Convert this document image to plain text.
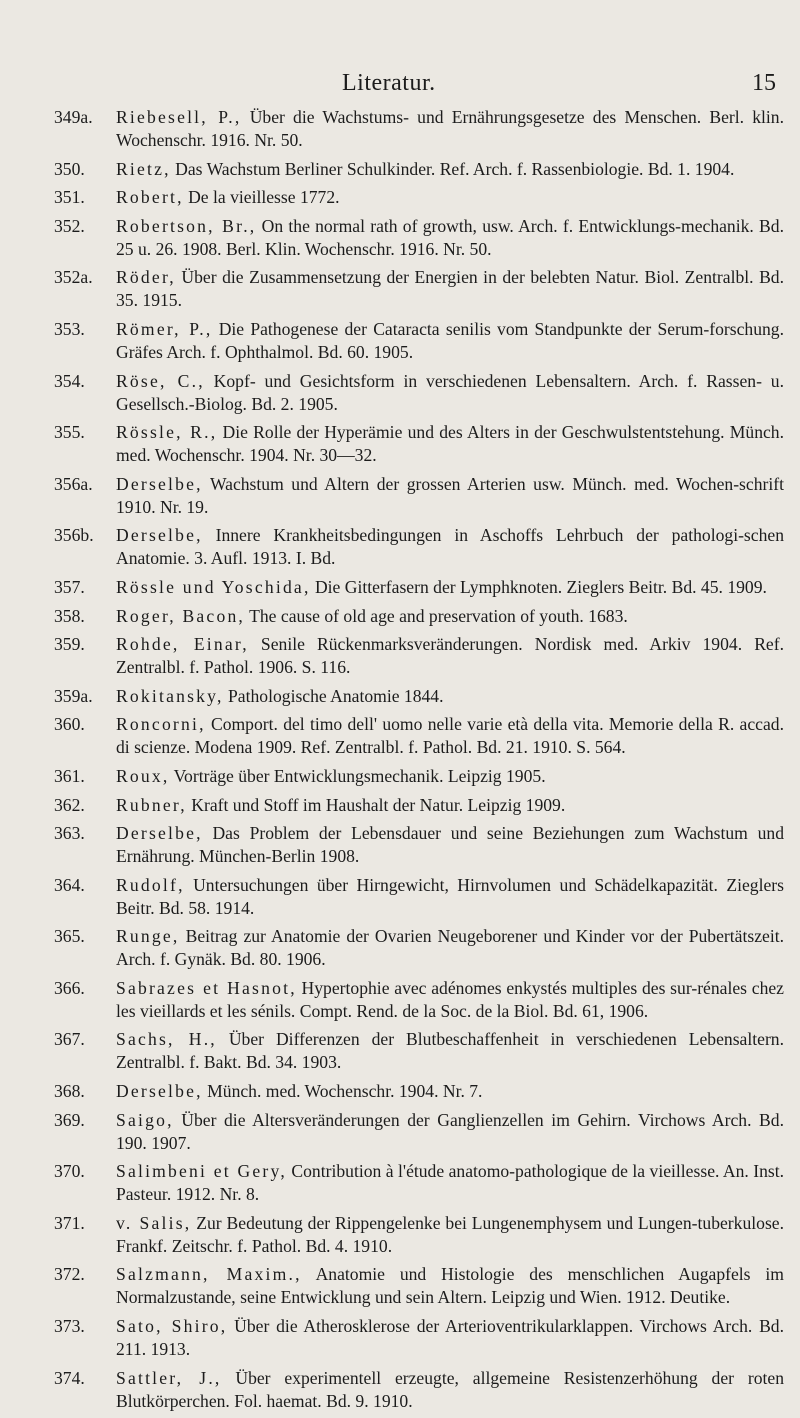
Literatur.	15
349a.	Riebesell, P., Über die Wachstums- und Ernährungsgesetze des Menschen. Berl. klin. Wochenschr. 1916. Nr. 50.
350.	Rietz, Das Wachstum Berliner Schulkinder. Ref. Arch. f. Rassenbiologie. Bd. 1. 1904.
351.	Robert, De la vieillesse 1772.
352.	Robertson, Br., On the normal rath of growth, usw. Arch. f. Entwicklungs-mechanik. Bd. 25 u. 26. 1908. Berl. Klin. Wochenschr. 1916. Nr. 50.
352a.	Röder, Über die Zusammensetzung der Energien in der belebten Natur. Biol. Zentralbl. Bd. 35. 1915.
353.	Römer, P., Die Pathogenese der Cataracta senilis vom Standpunkte der Serum-forschung. Gräfes Arch. f. Ophthalmol. Bd. 60. 1905.
354.	Röse, C., Kopf- und Gesichtsform in verschiedenen Lebensaltern. Arch. f. Rassen- u. Gesellsch.-Biolog. Bd. 2. 1905.
355.	Rössle, R., Die Rolle der Hyperämie und des Alters in der Geschwulstentstehung. Münch. med. Wochenschr. 1904. Nr. 30—32.
356a.	Derselbe, Wachstum und Altern der grossen Arterien usw. Münch. med. Wochen-schrift 1910. Nr. 19.
356b.	Derselbe, Innere Krankheitsbedingungen in Aschoffs Lehrbuch der pathologi-schen Anatomie. 3. Aufl. 1913. I. Bd.
357.	Rössle und Yoschida, Die Gitterfasern der Lymphknoten. Zieglers Beitr. Bd. 45. 1909.
358.	Roger, Bacon, The cause of old age and preservation of youth. 1683.
359.	Rohde, Einar, Senile Rückenmarksveränderungen. Nordisk med. Arkiv 1904. Ref. Zentralbl. f. Pathol. 1906. S. 116.
359a.	Rokitansky, Pathologische Anatomie 1844.
360.	Roncorni, Comport. del timo dell' uomo nelle varie età della vita. Memorie della R. accad. di scienze. Modena 1909. Ref. Zentralbl. f. Pathol. Bd. 21. 1910. S. 564.
361.	Roux, Vorträge über Entwicklungsmechanik. Leipzig 1905.
362.	Rubner, Kraft und Stoff im Haushalt der Natur. Leipzig 1909.
363.	Derselbe, Das Problem der Lebensdauer und seine Beziehungen zum Wachstum und Ernährung. München-Berlin 1908.
364.	Rudolf, Untersuchungen über Hirngewicht, Hirnvolumen und Schädelkapazität. Zieglers Beitr. Bd. 58. 1914.
365.	Runge, Beitrag zur Anatomie der Ovarien Neugeborener und Kinder vor der Pubertätszeit. Arch. f. Gynäk. Bd. 80. 1906.
366.	Sabrazes et Hasnot, Hypertophie avec adénomes enkystés multiples des sur-rénales chez les vieillards et les sénils. Compt. Rend. de la Soc. de la Biol. Bd. 61, 1906.
367.	Sachs, H., Über Differenzen der Blutbeschaffenheit in verschiedenen Lebensaltern. Zentralbl. f. Bakt. Bd. 34. 1903.
368.	Derselbe, Münch. med. Wochenschr. 1904. Nr. 7.
369.	Saigo, Über die Altersveränderungen der Ganglienzellen im Gehirn. Virchows Arch. Bd. 190. 1907.
370.	Salimbeni et Gery, Contribution à l'étude anatomo-pathologique de la vieillesse. An. Inst. Pasteur. 1912. Nr. 8.
371.	v. Salis, Zur Bedeutung der Rippengelenke bei Lungenemphysem und Lungen-tuberkulose. Frankf. Zeitschr. f. Pathol. Bd. 4. 1910.
372.	Salzmann, Maxim., Anatomie und Histologie des menschlichen Augapfels im Normalzustande, seine Entwicklung und sein Altern. Leipzig und Wien. 1912. Deutike.
373.	Sato, Shiro, Über die Atherosklerose der Arterioventrikularklappen. Virchows Arch. Bd. 211. 1913.
374.	Sattler, J., Über experimentell erzeugte, allgemeine Resistenzerhöhung der roten Blutkörperchen. Fol. haemat. Bd. 9. 1910.
